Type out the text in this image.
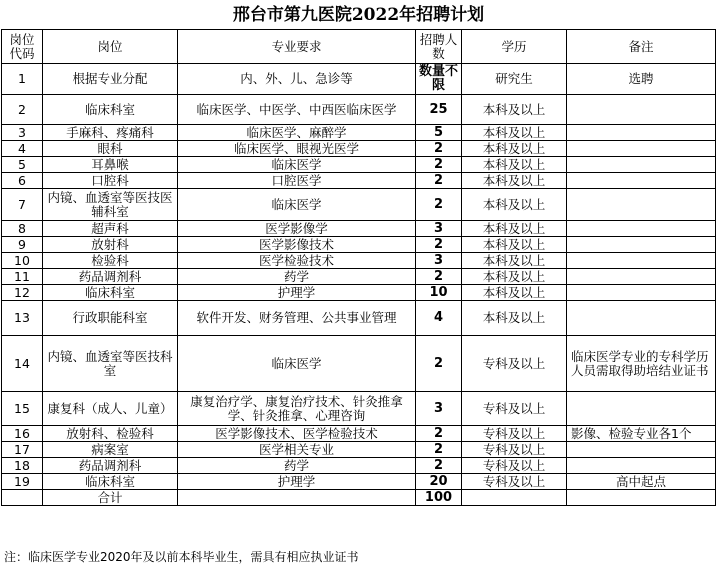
邢台市第九医院2022年招聘计划
岗位代码	岗位	专业要求	招聘人数	学历	备注
1	根据专业分配	内、外、儿、急诊等	数量不限	研究生	选聘
2	临床科室	临床医学、中医学、中西医临床医学	25	本科及以上	
3	手麻科、疼痛科	临床医学、麻醉学	5	本科及以上	
4	眼科	临床医学、眼视光医学	2	本科及以上	
5	耳鼻喉	临床医学	2	本科及以上	
6	口腔科	口腔医学	2	本科及以上	
7	内镜、血透室等医技医辅科室	临床医学	2	本科及以上	
8	超声科	医学影像学	3	本科及以上	
9	放射科	医学影像技术	2	本科及以上	
10	检验科	医学检验技术	3	本科及以上	
11	药品调剂科	药学	2	本科及以上	
12	临床科室	护理学	10	本科及以上	
13	行政职能科室	软件开发、财务管理、公共事业管理	4	本科及以上	
14	内镜、血透室等医技科室	临床医学	2	专科及以上	临床医学专业的专科学历人员需取得助培结业证书
15	康复科（成人、儿童）	康复治疗学、康复治疗技术、针灸推拿学、针灸推拿、心理咨询	3	专科及以上	
16	放射科、检验科	医学影像技术、医学检验技术	2	专科及以上	影像、检验专业各1个
17	病案室	医学相关专业	2	专科及以上	
18	药品调剂科	药学	2	专科及以上	
19	临床科室	护理学	20	专科及以上	高中起点
	合计		100		
注：临床医学专业2020年及以前本科毕业生，需具有相应执业证书
